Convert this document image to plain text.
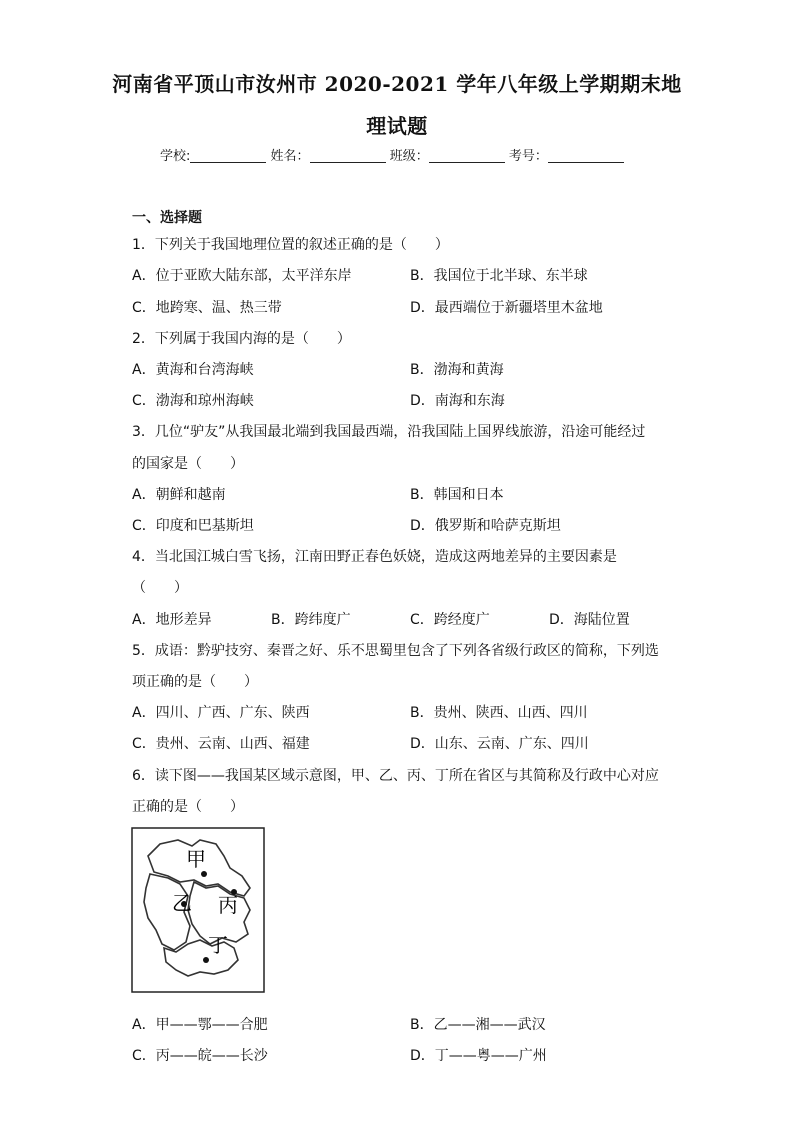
河南省平顶山市汝州市 2020-2021 学年八年级上学期期末地
理试题
学校:	姓名：	班级：	考号：
一、选择题
1．下列关于我国地理位置的叙述正确的是（　　）
A．位于亚欧大陆东部，太平洋东岸	B．我国位于北半球、东半球
C．地跨寒、温、热三带	D．最西端位于新疆塔里木盆地
2．下列属于我国内海的是（　　）
A．黄海和台湾海峡	B．渤海和黄海
C．渤海和琼州海峡	D．南海和东海
3．几位“驴友”从我国最北端到我国最西端，沿我国陆上国界线旅游，沿途可能经过
的国家是（　　）
A．朝鲜和越南	B．韩国和日本
C．印度和巴基斯坦	D．俄罗斯和哈萨克斯坦
4．当北国江城白雪飞扬，江南田野正春色妖娆，造成这两地差异的主要因素是
（　　）
A．地形差异	B．跨纬度广	C．跨经度广	D．海陆位置
5．成语：黔驴技穷、秦晋之好、乐不思蜀里包含了下列各省级行政区的简称，下列选
项正确的是（　　）
A．四川、广西、广东、陕西	B．贵州、陕西、山西、四川
C．贵州、云南、山西、福建	D．山东、云南、广东、四川
6．读下图——我国某区域示意图，甲、乙、丙、丁所在省区与其简称及行政中心对应
正确的是（　　）
甲
乙 丙
丁
A．甲——鄂——合肥	B．乙——湘——武汉
C．丙——皖——长沙	D．丁——粤——广州
